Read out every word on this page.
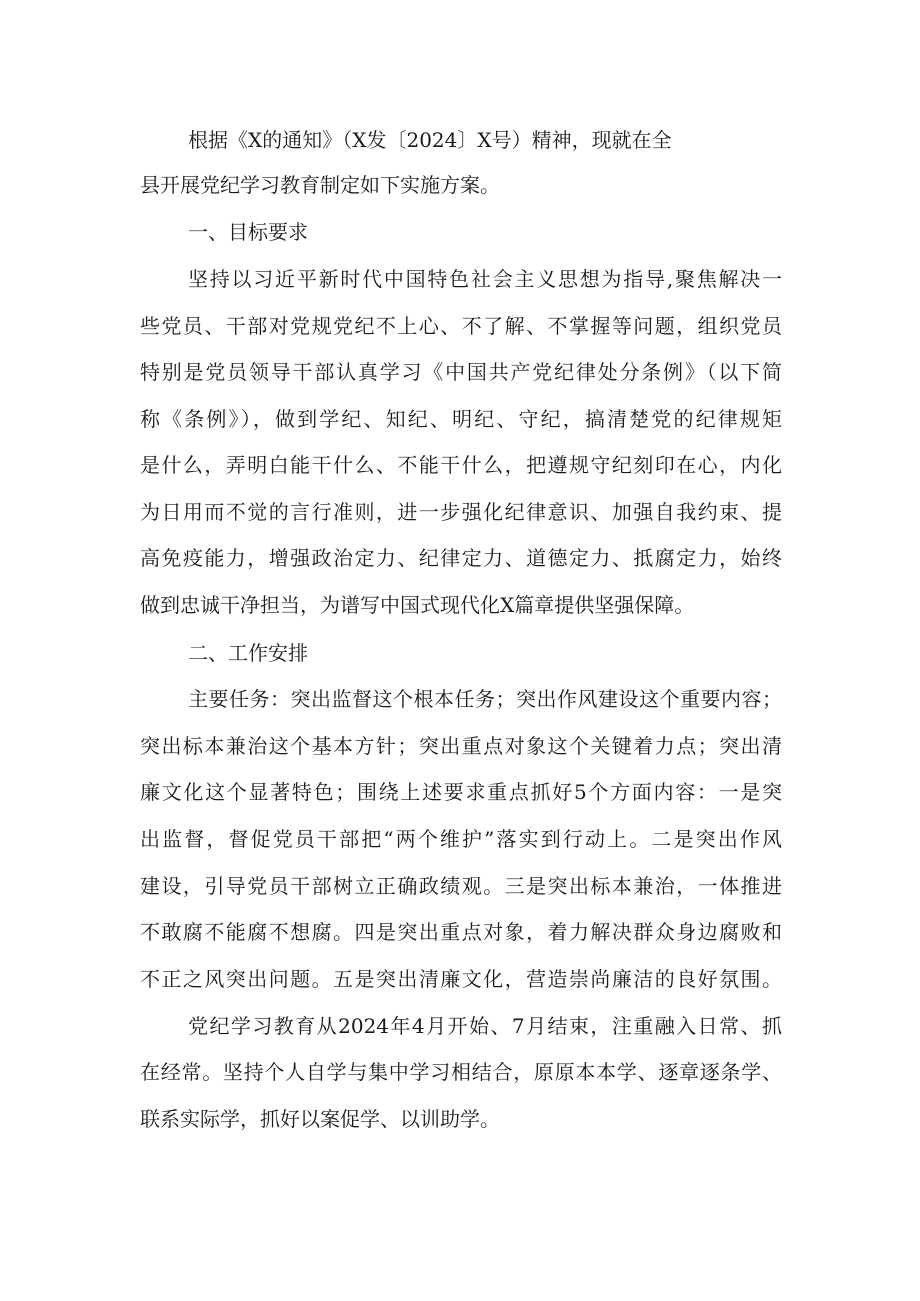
根据《X的通知》（X发〔2024〕X号）精神，现就在全
县开展党纪学习教育制定如下实施方案。
一、目标要求
坚持以习近平新时代中国特色社会主义思想为指导,聚焦解决一
些党员、干部对党规党纪不上心、不了解、不掌握等问题，组织党员
特别是党员领导干部认真学习《中国共产党纪律处分条例》（以下简
称《条例》），做到学纪、知纪、明纪、守纪，搞清楚党的纪律规矩
是什么，弄明白能干什么、不能干什么，把遵规守纪刻印在心，内化
为日用而不觉的言行准则，进一步强化纪律意识、加强自我约束、提
高免疫能力，增强政治定力、纪律定力、道德定力、抵腐定力，始终
做到忠诚干净担当，为谱写中国式现代化X篇章提供坚强保障。
二、工作安排
主要任务：突出监督这个根本任务；突出作风建设这个重要内容；
突出标本兼治这个基本方针；突出重点对象这个关键着力点；突出清
廉文化这个显著特色；围绕上述要求重点抓好5个方面内容：一是突
出监督，督促党员干部把“两个维护”落实到行动上。二是突出作风
建设，引导党员干部树立正确政绩观。三是突出标本兼治，一体推进
不敢腐不能腐不想腐。四是突出重点对象，着力解决群众身边腐败和
不正之风突出问题。五是突出清廉文化，营造崇尚廉洁的良好氛围。
党纪学习教育从2024年4月开始、7月结束，注重融入日常、抓
在经常。坚持个人自学与集中学习相结合，原原本本学、逐章逐条学、
联系实际学，抓好以案促学、以训助学。
